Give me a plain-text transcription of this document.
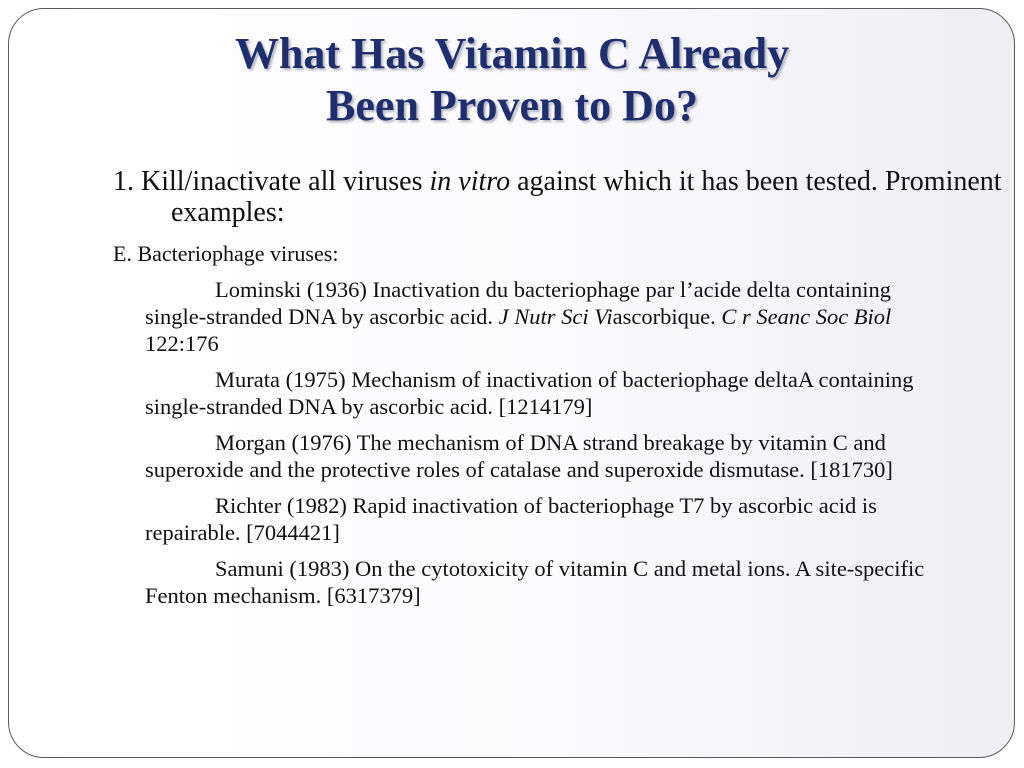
What Has Vitamin C Already
Been Proven to Do?

1. Kill/inactivate all viruses in vitro against which it has been tested. Prominent examples:

E. Bacteriophage viruses:

Lominski (1936) Inactivation du bacteriophage par l’acide delta containing single-stranded DNA by ascorbic acid. J Nutr Sci Viascorbique. C r Seanc Soc Biol 122:176
Murata (1975) Mechanism of inactivation of bacteriophage deltaA containing single-stranded DNA by ascorbic acid. [1214179]
Morgan (1976) The mechanism of DNA strand breakage by vitamin C and superoxide and the protective roles of catalase and superoxide dismutase. [181730]
Richter (1982) Rapid inactivation of bacteriophage T7 by ascorbic acid is repairable. [7044421]
Samuni (1983) On the cytotoxicity of vitamin C and metal ions. A site-specific Fenton mechanism. [6317379]
